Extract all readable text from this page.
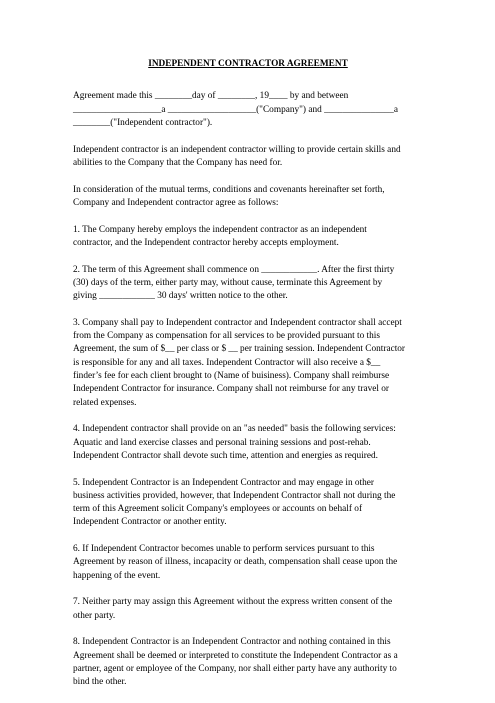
INDEPENDENT CONTRACTOR AGREEMENT

Agreement made this ________day of ________, 19____ by and between
___________________a ___________________("Company") and _______________a
________("Independent contractor").

Independent contractor is an independent contractor willing to provide certain skills and
abilities to the Company that the Company has need for.

In consideration of the mutual terms, conditions and covenants hereinafter set forth,
Company and Independent contractor agree as follows:

1. The Company hereby employs the independent contractor as an independent
contractor, and the Independent contractor hereby accepts employment.

2. The term of this Agreement shall commence on ____________. After the first thirty
(30) days of the term, either party may, without cause, terminate this Agreement by
giving ____________ 30 days' written notice to the other.

3. Company shall pay to Independent contractor and Independent contractor shall accept
from the Company as compensation for all services to be provided pursuant to this
Agreement, the sum of $__ per class or $ __ per training session. Independent Contractor
is responsible for any and all taxes. Independent Contractor will also receive a $__
finder’s fee for each client brought to (Name of buisiness). Company shall reimburse
Independent Contractor for insurance. Company shall not reimburse for any travel or
related expenses.

4. Independent contractor shall provide on an "as needed" basis the following services:
Aquatic and land exercise classes and personal training sessions and post-rehab.
Independent Contractor shall devote such time, attention and energies as required.

5. Independent Contractor is an Independent Contractor and may engage in other
business activities provided, however, that Independent Contractor shall not during the
term of this Agreement solicit Company's employees or accounts on behalf of
Independent Contractor or another entity.

6. If Independent Contractor becomes unable to perform services pursuant to this
Agreement by reason of illness, incapacity or death, compensation shall cease upon the
happening of the event.

7. Neither party may assign this Agreement without the express written consent of the
other party.

8. Independent Contractor is an Independent Contractor and nothing contained in this
Agreement shall be deemed or interpreted to constitute the Independent Contractor as a
partner, agent or employee of the Company, nor shall either party have any authority to
bind the other.
